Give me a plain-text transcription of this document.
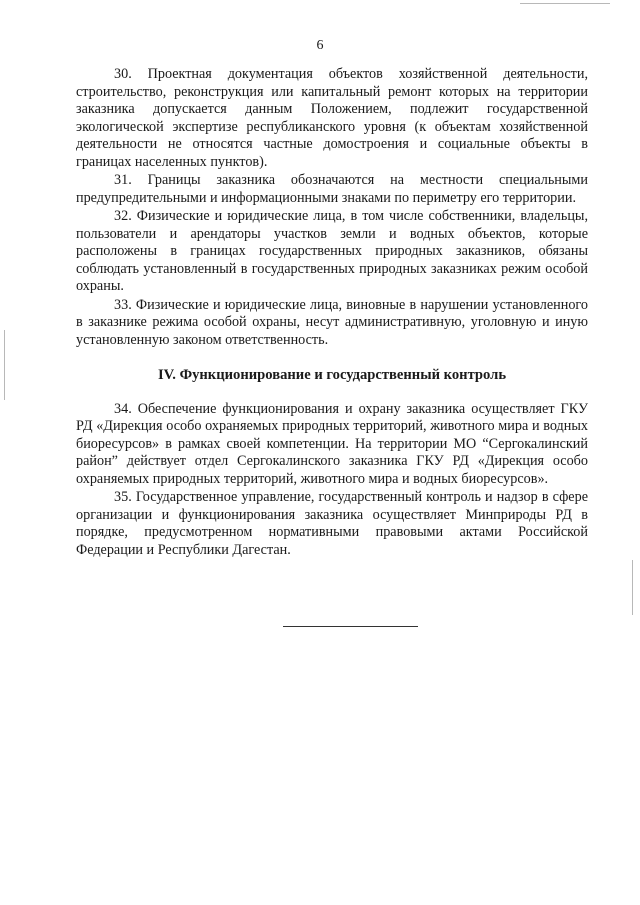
6

30. Проектная документация объектов хозяйственной деятельности, строительство, реконструкция или капитальный ремонт которых на территории заказника допускается данным Положением, подлежит государственной экологической экспертизе республиканского уровня (к объектам хозяйственной деятельности не относятся частные домостроения и социальные объекты в границах населенных пунктов).

31. Границы заказника обозначаются на местности специальными предупредительными и информационными знаками по периметру его территории.

32. Физические и юридические лица, в том числе собственники, владельцы, пользователи и арендаторы участков земли и водных объектов, которые расположены в границах государственных природных заказников, обязаны соблюдать установленный в государственных природных заказниках режим особой охраны.

33. Физические и юридические лица, виновные в нарушении установленного в заказнике режима особой охраны, несут административную, уголовную и иную установленную законом ответственность.

IV. Функционирование и государственный контроль

34. Обеспечение функционирования и охрану заказника осуществляет ГКУ РД «Дирекция особо охраняемых природных территорий, животного мира и водных биоресурсов» в рамках своей компетенции. На территории МО “Сергокалинский район” действует отдел Сергокалинского заказника ГКУ РД «Дирекция особо охраняемых природных территорий, животного мира и водных биоресурсов».

35. Государственное управление, государственный контроль и надзор в сфере организации и функционирования заказника осуществляет Минприроды РД в порядке, предусмотренном нормативными правовыми актами Российской Федерации и Республики Дагестан.
